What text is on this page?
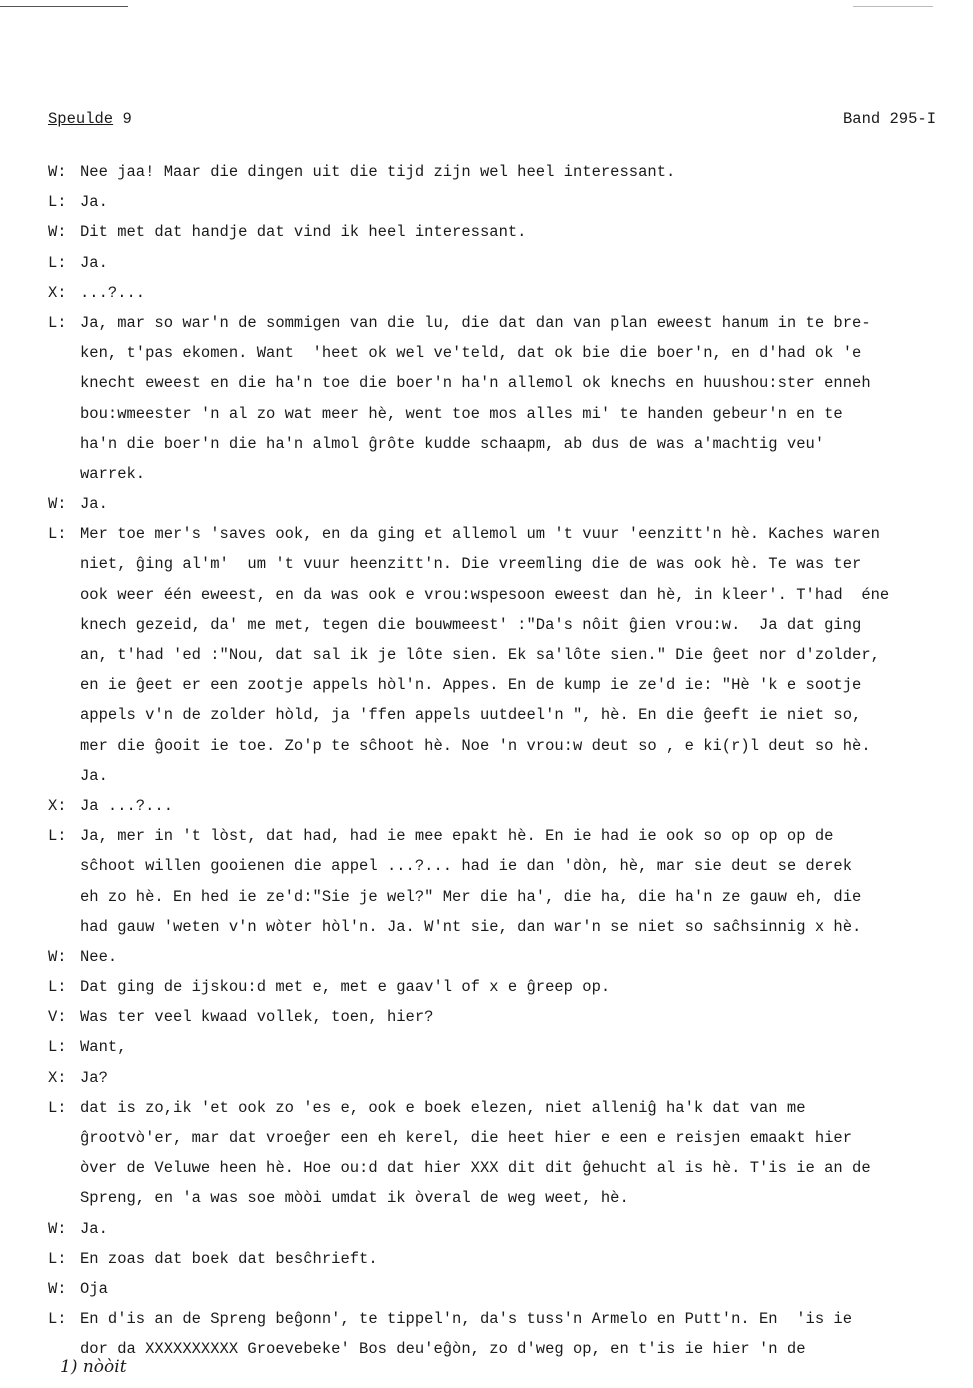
Speulde 9	Band 295-I
W: Nee jaa! Maar die dingen uit die tijd zijn wel heel interessant.
L: Ja.
W: Dit met dat handje dat vind ik heel interessant.
L: Ja.
X: ...?...
L: Ja, mar so war'n de sommigen van die lu, die dat dan van plan eweest hanum in te bre-
ken, t'pas ekomen. Want  'heet ok wel ve'teld, dat ok bie die boer'n, en d'had ok 'e
knecht eweest en die ha'n toe die boer'n ha'n allemol ok knechs en huushou:ster enneh
bou:wmeester 'n al zo wat meer hè, went toe mos alles mi' te handen gebeur'n en te
ha'n die boer'n die ha'n almol ĝrôte kudde schaapm, ab dus de was a'machtig veu'
warrek.
W: Ja.
L: Mer toe mer's 'saves ook, en da ging et allemol um 't vuur 'eenzitt'n hè. Kaches waren
niet, ĝing al'm'  um 't vuur heenzitt'n. Die vreemling die de was ook hè. Te was ter
ook weer één eweest, en da was ook e vrou:wspesoon eweest dan hè, in kleer'. T'had  éne
knech gezeid, da' me met, tegen die bouwmeest' :"Da's nôit ĝien vrou:w.  Ja dat ging
an, t'had 'ed :"Nou, dat sal ik je lôte sien. Ek sa'lôte sien." Die ĝeet nor d'zolder,
en ie ĝeet er een zootje appels hòl'n. Appes. En de kump ie ze'd ie: "Hè 'k e sootje
appels v'n de zolder hòld, ja 'ffen appels uutdeel'n ", hè. En die ĝeeft ie niet so,
mer die ĝooit ie toe. Zo'p te sĉhoot hè. Noe 'n vrou:w deut so , e ki(r)l deut so hè.
Ja.
X: Ja ...?...
L: Ja, mer in 't lòst, dat had, had ie mee epakt hè. En ie had ie ook so op op op de
sĉhoot willen gooienen die appel ...?... had ie dan 'dòn, hè, mar sie deut se derek
eh zo hè. En hed ie ze'd:"Sie je wel?" Mer die ha', die ha, die ha'n ze gauw eh, die
had gauw 'weten v'n wòter hòl'n. Ja. W'nt sie, dan war'n se niet so saĉhsinnig x hè.
W: Nee.
L: Dat ging de ijskou:d met e, met e gaav'l of x e ĝreep op.
V: Was ter veel kwaad vollek, toen, hier?
L: Want,
X: Ja?
L: dat is zo,ik 'et ook zo 'es e, ook e boek elezen, niet alleniĝ ha'k dat van me
ĝrootvò'er, mar dat vroeĝer een eh kerel, die heet hier e een e reisjen emaakt hier
òver de Veluwe heen hè. Hoe ou:d dat hier XXX dit dit ĝehucht al is hè. T'is ie an de
Spreng, en 'a was soe mòòi umdat ik òveral de weg weet, hè.
W: Ja.
L: En zoas dat boek dat besĉhrieft.
W: Oja
L: En d'is an de Spreng beĝonn', te tippel'n, da's tuss'n Armelo en Putt'n. En  'is ie
dor da XXXXXXXXXX Groevebeke' Bos deu'eĝòn, zo d'weg op, en t'is ie hier 'n de
1) nòòit
